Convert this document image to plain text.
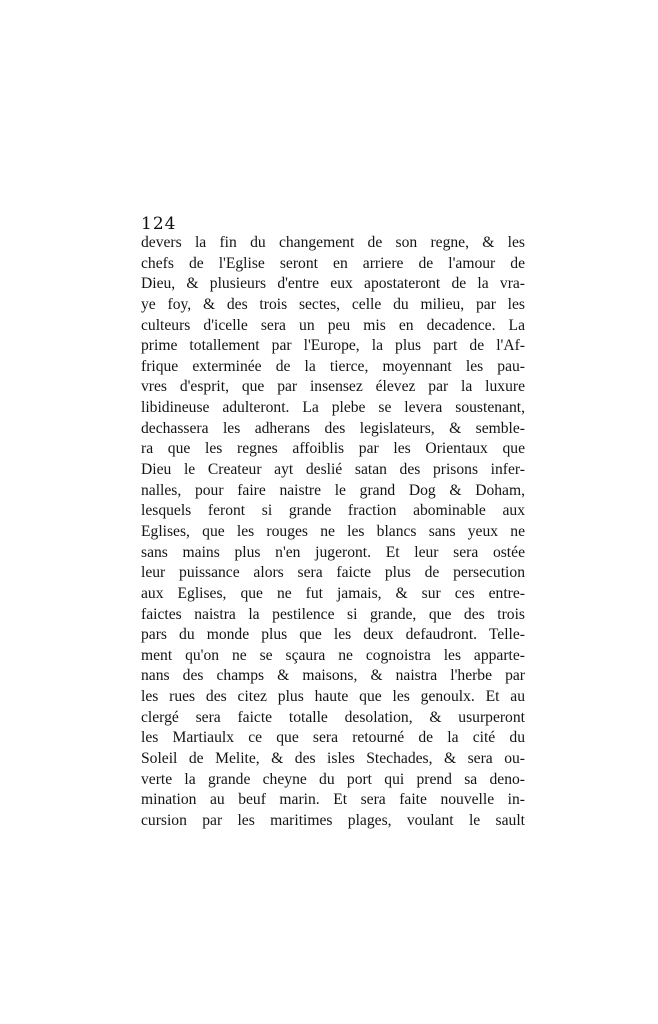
124
devers la fin du changement de son regne, & les
chefs de l'Eglise seront en arriere de l'amour de
Dieu, & plusieurs d'entre eux apostateront de la vra-
ye foy, & des trois sectes, celle du milieu, par les
culteurs d'icelle sera un peu mis en decadence. La
prime totallement par l'Europe, la plus part de l'Af-
frique exterminée de la tierce, moyennant les pau-
vres d'esprit, que par insensez élevez par la luxure
libidineuse adulteront. La plebe se levera soustenant,
dechassera les adherans des legislateurs, & semble-
ra que les regnes affoiblis par les Orientaux que
Dieu le Createur ayt deslié satan des prisons infer-
nalles, pour faire naistre le grand Dog & Doham,
lesquels feront si grande fraction abominable aux
Eglises, que les rouges ne les blancs sans yeux ne
sans mains plus n'en jugeront. Et leur sera ostée
leur puissance alors sera faicte plus de persecution
aux Eglises, que ne fut jamais, & sur ces entre-
faictes naistra la pestilence si grande, que des trois
pars du monde plus que les deux defaudront. Telle-
ment qu'on ne se sçaura ne cognoistra les apparte-
nans des champs & maisons, & naistra l'herbe par
les rues des citez plus haute que les genoulx. Et au
clergé sera faicte totalle desolation, & usurperont
les Martiaulx ce que sera retourné de la cité du
Soleil de Melite, & des isles Stechades, & sera ou-
verte la grande cheyne du port qui prend sa deno-
mination au beuf marin. Et sera faite nouvelle in-
cursion par les maritimes plages, voulant le sault
